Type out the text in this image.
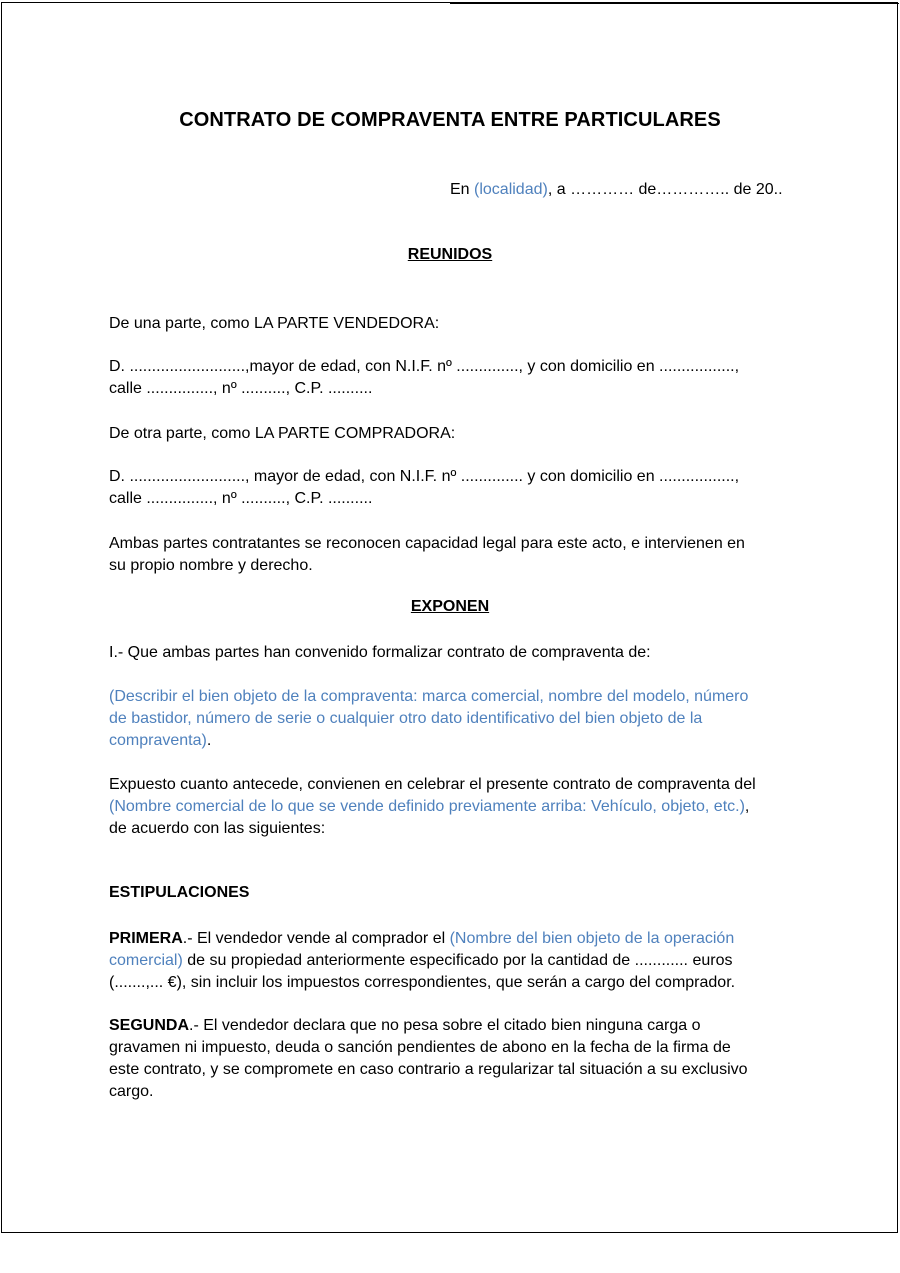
CONTRATO DE COMPRAVENTA ENTRE PARTICULARES
En (localidad), a ………… de………….. de 20..
REUNIDOS
De una parte, como LA PARTE VENDEDORA:
D. ..........................,mayor de edad, con N.I.F. nº .............., y con domicilio en .................,
calle ..............., nº .........., C.P. ..........
De otra parte, como LA PARTE COMPRADORA:
D. .........................., mayor de edad, con N.I.F. nº .............. y con domicilio en .................,
calle ..............., nº .........., C.P. ..........
Ambas partes contratantes se reconocen capacidad legal para este acto, e intervienen en
su propio nombre y derecho.
EXPONEN
I.- Que ambas partes han convenido formalizar contrato de compraventa de:
(Describir el bien objeto de la compraventa: marca comercial, nombre del modelo, número
de bastidor, número de serie o cualquier otro dato identificativo del bien objeto de la
compraventa).
Expuesto cuanto antecede, convienen en celebrar el presente contrato de compraventa del
(Nombre comercial de lo que se vende definido previamente arriba: Vehículo, objeto, etc.),
de acuerdo con las siguientes:
ESTIPULACIONES
PRIMERA.- El vendedor vende al comprador el (Nombre del bien objeto de la operación
comercial) de su propiedad anteriormente especificado por la cantidad de ............ euros
(.......,... €), sin incluir los impuestos correspondientes, que serán a cargo del comprador.
SEGUNDA.- El vendedor declara que no pesa sobre el citado bien ninguna carga o
gravamen ni impuesto, deuda o sanción pendientes de abono en la fecha de la firma de
este contrato, y se compromete en caso contrario a regularizar tal situación a su exclusivo
cargo.
